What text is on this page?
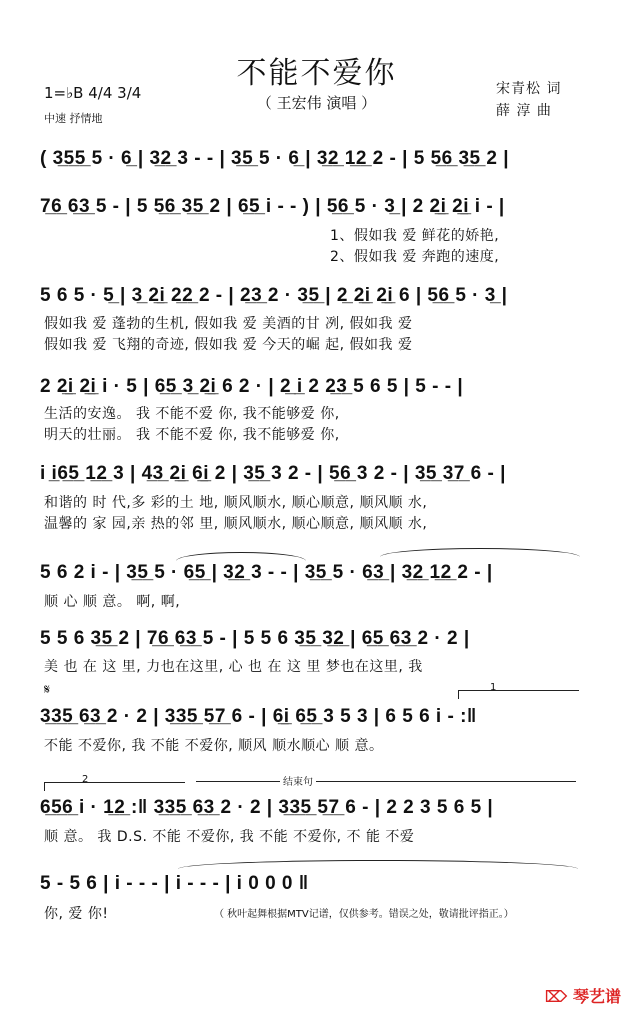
不能不爱你
（ 王宏伟 演唱 ）
1=♭B 4/4 3/4
中速 抒情地
宋青松 词
薛 淳 曲
( 3̲5̲5̲ 5 · 6̲ | 3̲2̲ 3 - - | 3̲5̲ 5 · 6̲ | 3̲2̲ 1̲2̲ 2 - | 5 5̲6̲ 3̲5̲ 2 |
7̲6̲ 6̲3̲ 5 - | 5 5̲6̲ 3̲5̲ 2 | 6̲5̲ i - - ) | 5̲6̲ 5 · 3̲ | 2 2̲i̲ 2̲i̲ i - |
1、假如我 爱 鲜花的娇艳,
2、假如我 爱 奔跑的速度,
5 6 5 · 5̲ | 3̲ 2̲i̲ 2̲2̲ 2 - | 2̲3̲ 2 · 3̲5̲ | 2̲ 2̲i̲ 2̲i̲ 6 | 5̲6̲ 5 · 3̲ |
假如我 爱 蓬勃的生机, 假如我 爱 美酒的甘 冽, 假如我 爱
假如我 爱 飞翔的奇迹, 假如我 爱 今天的崛 起, 假如我 爱
2 2̲i̲ 2̲i̲ i · 5 | 6̲5̲ 3̲ 2̲i̲ 6 2 · | 2̲ i̲ 2 2̲3̲ 5 6 5 | 5 - - |
生活的安逸。 我 不能不爱 你, 我不能够爱 你,
明天的壮丽。 我 不能不爱 你, 我不能够爱 你,
i i̲6̲5̲ 1̲2̲ 3 | 4̲3̲ 2̲i̲ 6̲i̲ 2 | 3̲5̲ 3 2 - | 5̲6̲ 3 2 - | 3̲5̲ 3̲7̲ 6 - |
和谐的 时 代,多 彩的土 地, 顺风顺水, 顺心顺意, 顺风顺 水,
温馨的 家 园,亲 热的邻 里, 顺风顺水, 顺心顺意, 顺风顺 水,
5 6 2 i - | 3̲5̲ 5 · 6̲5̲ | 3̲2̲ 3 - - | 3̲5̲ 5 · 6̲3̲ | 3̲2̲ 1̲2̲ 2 - |
顺 心 顺 意。 啊, 啊,
5 5 6 3̲5̲ 2 | 7̲6̲ 6̲3̲ 5 - | 5 5 6 3̲5̲ 3̲2̲ | 6̲5̲ 6̲3̲ 2 · 2 |
美 也 在 这 里, 力也在这里, 心 也 在 这 里 梦也在这里, 我
𝄋	1
3̲3̲5̲ 6̲3̲ 2 · 2 | 3̲3̲5̲ 5̲7̲ 6 - | 6̲i̲ 6̲5̲ 3 5 3 | 6 5 6 i - :‖
不能 不爱你, 我 不能 不爱你, 顺风 顺水顺心 顺 意。
2	结束句
6̲5̲6̲ i · 1̲2̲ :‖ 3̲3̲5̲ 6̲3̲ 2 · 2 | 3̲3̲5̲ 5̲7̲ 6 - | 2 2 3 5 6 5 |
顺 意。 我 D.S. 不能 不爱你, 我 不能 不爱你, 不 能 不爱
5 - 5 6 | i - - - | i - - - | i 0 0 0 ‖
你, 爱 你!	（ 秋叶起舞根据MTV记谱，仅供参考。错误之处，敬请批评指正。）
⌦ 琴艺谱
